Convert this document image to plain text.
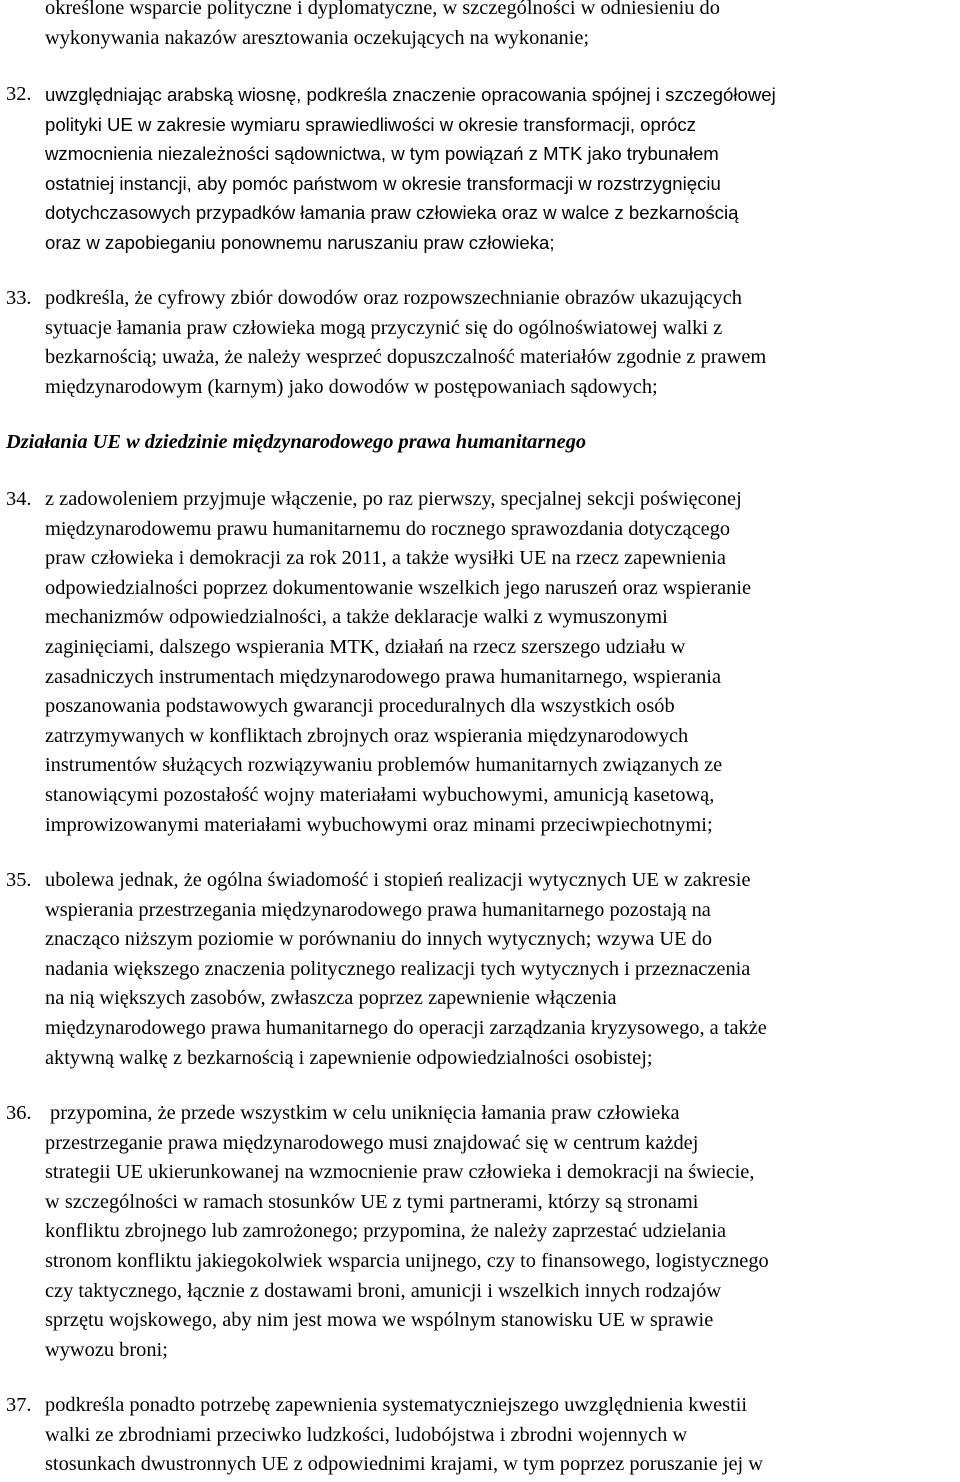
określone wsparcie polityczne i dyplomatyczne, w szczególności w odniesieniu do
wykonywania nakazów aresztowania oczekujących na wykonanie;
32. uwzględniając arabską wiosnę, podkreśla znaczenie opracowania spójnej i szczegółowej
polityki UE w zakresie wymiaru sprawiedliwości w okresie transformacji, oprócz
wzmocnienia niezależności sądownictwa, w tym powiązań z MTK jako trybunałem
ostatniej instancji, aby pomóc państwom w okresie transformacji w rozstrzygnięciu
dotychczasowych przypadków łamania praw człowieka oraz w walce z bezkarnością
oraz w zapobieganiu ponownemu naruszaniu praw człowieka;
33. podkreśla, że cyfrowy zbiór dowodów oraz rozpowszechnianie obrazów ukazujących
sytuacje łamania praw człowieka mogą przyczynić się do ogólnoświatowej walki z
bezkarnością; uważa, że należy wesprzeć dopuszczalność materiałów zgodnie z prawem
międzynarodowym (karnym) jako dowodów w postępowaniach sądowych;
Działania UE w dziedzinie międzynarodowego prawa humanitarnego
34. z zadowoleniem przyjmuje włączenie, po raz pierwszy, specjalnej sekcji poświęconej
międzynarodowemu prawu humanitarnemu do rocznego sprawozdania dotyczącego
praw człowieka i demokracji za rok 2011, a także wysiłki UE na rzecz zapewnienia
odpowiedzialności poprzez dokumentowanie wszelkich jego naruszeń oraz wspieranie
mechanizmów odpowiedzialności, a także deklaracje walki z wymuszonymi
zaginięciami, dalszego wspierania MTK, działań na rzecz szerszego udziału w
zasadniczych instrumentach międzynarodowego prawa humanitarnego, wspierania
poszanowania podstawowych gwarancji proceduralnych dla wszystkich osób
zatrzymywanych w konfliktach zbrojnych oraz wspierania międzynarodowych
instrumentów służących rozwiązywaniu problemów humanitarnych związanych ze
stanowiącymi pozostałość wojny materiałami wybuchowymi, amunicją kasetową,
improwizowanymi materiałami wybuchowymi oraz minami przeciwpiechotnymi;
35. ubolewa jednak, że ogólna świadomość i stopień realizacji wytycznych UE w zakresie
wspierania przestrzegania międzynarodowego prawa humanitarnego pozostają na
znacząco niższym poziomie w porównaniu do innych wytycznych; wzywa UE do
nadania większego znaczenia politycznego realizacji tych wytycznych i przeznaczenia
na nią większych zasobów, zwłaszcza poprzez zapewnienie włączenia
międzynarodowego prawa humanitarnego do operacji zarządzania kryzysowego, a także
aktywną walkę z bezkarnością i zapewnienie odpowiedzialności osobistej;
36. przypomina, że przede wszystkim w celu uniknięcia łamania praw człowieka
przestrzeganie prawa międzynarodowego musi znajdować się w centrum każdej
strategii UE ukierunkowanej na wzmocnienie praw człowieka i demokracji na świecie,
w szczególności w ramach stosunków UE z tymi partnerami, którzy są stronami
konfliktu zbrojnego lub zamrożonego; przypomina, że należy zaprzestać udzielania
stronom konfliktu jakiegokolwiek wsparcia unijnego, czy to finansowego, logistycznego
czy taktycznego, łącznie z dostawami broni, amunicji i wszelkich innych rodzajów
sprzętu wojskowego, aby nim jest mowa we wspólnym stanowisku UE w sprawie
wywozu broni;
37. podkreśla ponadto potrzebę zapewnienia systematyczniejszego uwzględnienia kwestii
walki ze zbrodniami przeciwko ludzkości, ludobójstwa i zbrodni wojennych w
stosunkach dwustronnych UE z odpowiednimi krajami, w tym poprzez poruszanie jej w
